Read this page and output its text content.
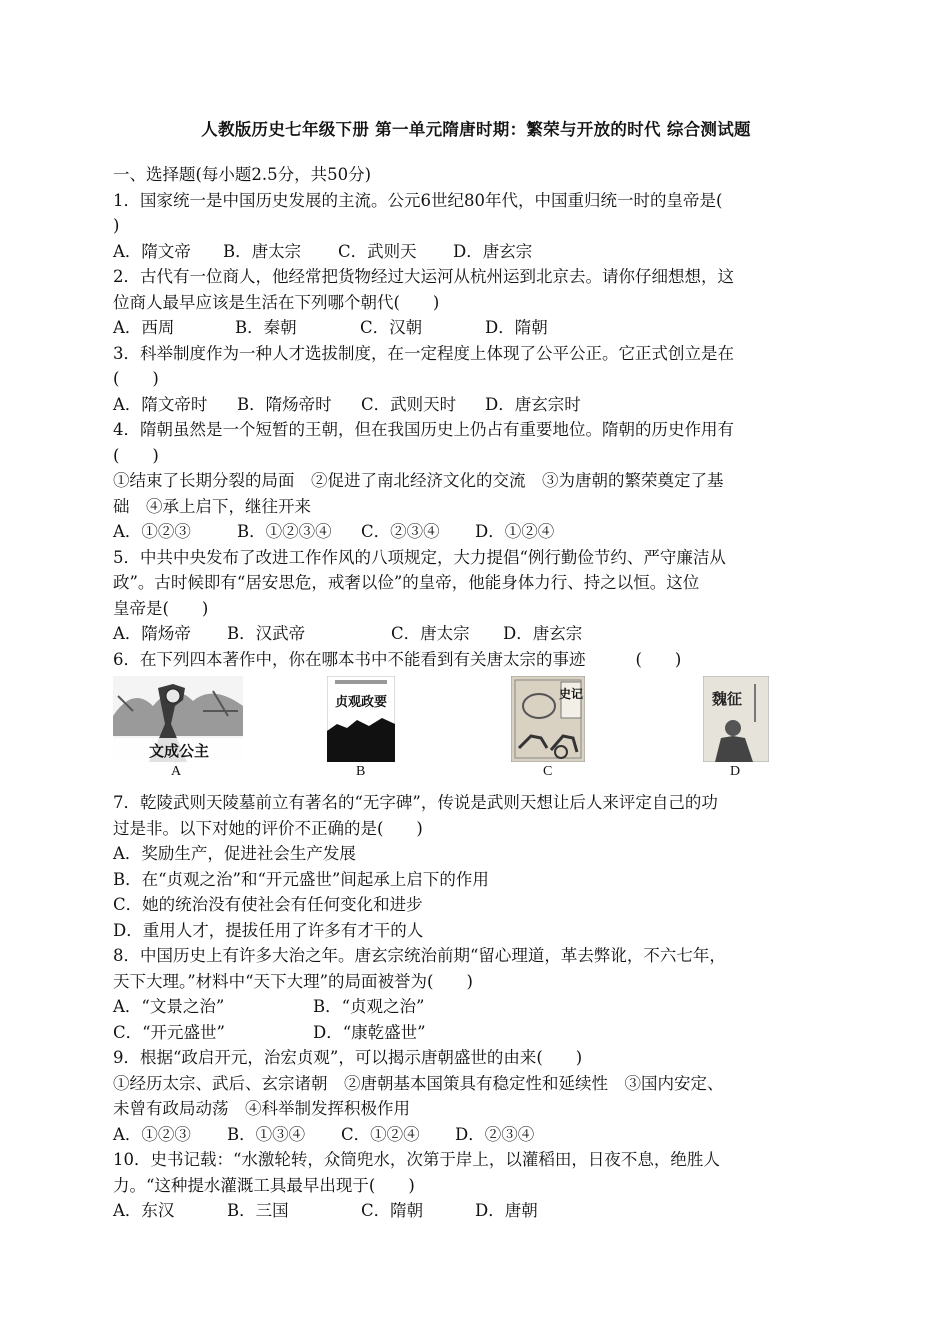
人教版历史七年级下册 第一单元隋唐时期：繁荣与开放的时代 综合测试题
一、选择题(每小题2.5分，共50分)
1．国家统一是中国历史发展的主流。公元6世纪80年代，中国重归统一时的皇帝是(
)
A．隋文帝 B．唐太宗 C．武则天 D．唐玄宗
2．古代有一位商人，他经常把货物经过大运河从杭州运到北京去。请你仔细想想，这
位商人最早应该是生活在下列哪个朝代(　　)
A．西周	B．秦朝	C．汉朝	D．隋朝
3．科举制度作为一种人才选拔制度，在一定程度上体现了公平公正。它正式创立是在
(　　)
A．隋文帝时 B．隋炀帝时 C．武则天时 D．唐玄宗时
4．隋朝虽然是一个短暂的王朝，但在我国历史上仍占有重要地位。隋朝的历史作用有
(　　)
①结束了长期分裂的局面　②促进了南北经济文化的交流　③为唐朝的繁荣奠定了基
础　④承上启下，继往开来
A．①②③	B．①②③④ C．②③④ D．①②④
5．中共中央发布了改进工作作风的八项规定，大力提倡“例行勤俭节约、严守廉洁从
政”。古时候即有“居安思危，戒奢以俭”的皇帝，他能身体力行、持之以恒。这位
皇帝是(　　)
A．隋炀帝 B．汉武帝	C．唐太宗 D．唐玄宗
6．在下列四本著作中，你在哪本书中不能看到有关唐太宗的事迹	(　　)
文成公主
A
贞观政要
B
史记
C
魏征
D
7．乾陵武则天陵墓前立有著名的“无字碑”，传说是武则天想让后人来评定自己的功
过是非。以下对她的评价不正确的是(　　)
A．奖励生产，促进社会生产发展
B．在“贞观之治”和“开元盛世”间起承上启下的作用
C．她的统治没有使社会有任何变化和进步
D．重用人才，提拔任用了许多有才干的人
8．中国历史上有许多大治之年。唐玄宗统治前期“留心理道，革去弊讹，不六七年，
天下大理。”材料中“天下大理”的局面被誉为(　　)
A．“文景之治”	B．“贞观之治”
C．“开元盛世”	D．“康乾盛世”
9．根据“政启开元，治宏贞观”，可以揭示唐朝盛世的由来(　　)
①经历太宗、武后、玄宗诸朝　②唐朝基本国策具有稳定性和延续性　③国内安定、
未曾有政局动荡　④科举制发挥积极作用
A．①②③ B．①③④ C．①②④ D．②③④
10．史书记载：“水激轮转，众筒兜水，次第于岸上，以灌稻田，日夜不息，绝胜人
力。“这种提水灌溉工具最早出现于(　　)
A．东汉	B．三国	C．隋朝	D．唐朝
